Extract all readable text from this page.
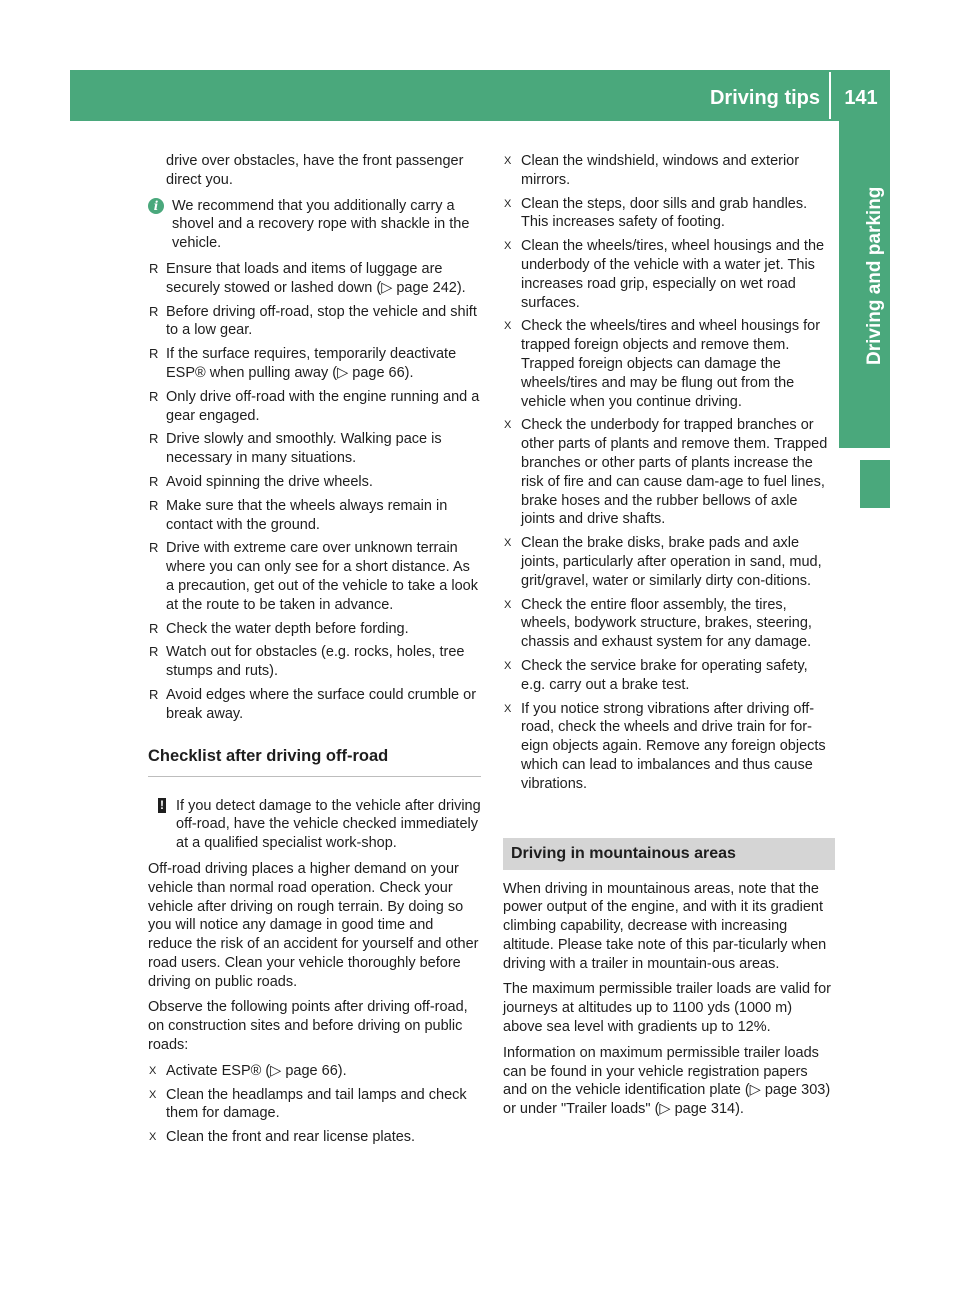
Driving tips	141
Driving and parking
drive over obstacles, have the front passenger direct you.
i We recommend that you additionally carry a shovel and a recovery rope with shackle in the vehicle.
R Ensure that loads and items of luggage are securely stowed or lashed down (▷ page 242).
R Before driving off-road, stop the vehicle and shift to a low gear.
R If the surface requires, temporarily deactivate ESP® when pulling away (▷ page 66).
R Only drive off-road with the engine running and a gear engaged.
R Drive slowly and smoothly. Walking pace is necessary in many situations.
R Avoid spinning the drive wheels.
R Make sure that the wheels always remain in contact with the ground.
R Drive with extreme care over unknown terrain where you can only see for a short distance. As a precaution, get out of the vehicle to take a look at the route to be taken in advance.
R Check the water depth before fording.
R Watch out for obstacles (e.g. rocks, holes, tree stumps and ruts).
R Avoid edges where the surface could crumble or break away.
Checklist after driving off-road
! If you detect damage to the vehicle after driving off-road, have the vehicle checked immediately at a qualified specialist work-shop.

Off-road driving places a higher demand on your vehicle than normal road operation. Check your vehicle after driving on rough terrain. By doing so you will notice any damage in good time and reduce the risk of an accident for yourself and other road users. Clean your vehicle thoroughly before driving on public roads.

Observe the following points after driving off-road, on construction sites and before driving on public roads:

X Activate ESP® (▷ page 66).
X Clean the headlamps and tail lamps and check them for damage.
X Clean the front and rear license plates.
X Clean the windshield, windows and exterior mirrors.
X Clean the steps, door sills and grab handles. This increases safety of footing.
X Clean the wheels/tires, wheel housings and the underbody of the vehicle with a water jet. This increases road grip, especially on wet road surfaces.
X Check the wheels/tires and wheel housings for trapped foreign objects and remove them. Trapped foreign objects can damage the wheels/tires and may be flung out from the vehicle when you continue driving.
X Check the underbody for trapped branches or other parts of plants and remove them. Trapped branches or other parts of plants increase the risk of fire and can cause dam-age to fuel lines, brake hoses and the rubber bellows of axle joints and drive shafts.
X Clean the brake disks, brake pads and axle joints, particularly after operation in sand, mud, grit/gravel, water or similarly dirty con-ditions.
X Check the entire floor assembly, the tires, wheels, bodywork structure, brakes, steering, chassis and exhaust system for any damage.
X Check the service brake for operating safety, e.g. carry out a brake test.
X If you notice strong vibrations after driving off-road, check the wheels and drive train for for-eign objects again. Remove any foreign objects which can lead to imbalances and thus cause vibrations.
Driving in mountainous areas

When driving in mountainous areas, note that the power output of the engine, and with it its gradient climbing capability, decrease with increasing altitude. Please take note of this par-ticularly when driving with a trailer in mountain-ous areas.

The maximum permissible trailer loads are valid for journeys at altitudes up to 1100 yds (1000 m) above sea level with gradients up to 12%.

Information on maximum permissible trailer loads can be found in your vehicle registration papers and on the vehicle identification plate (▷ page 303) or under "Trailer loads" (▷ page 314).
